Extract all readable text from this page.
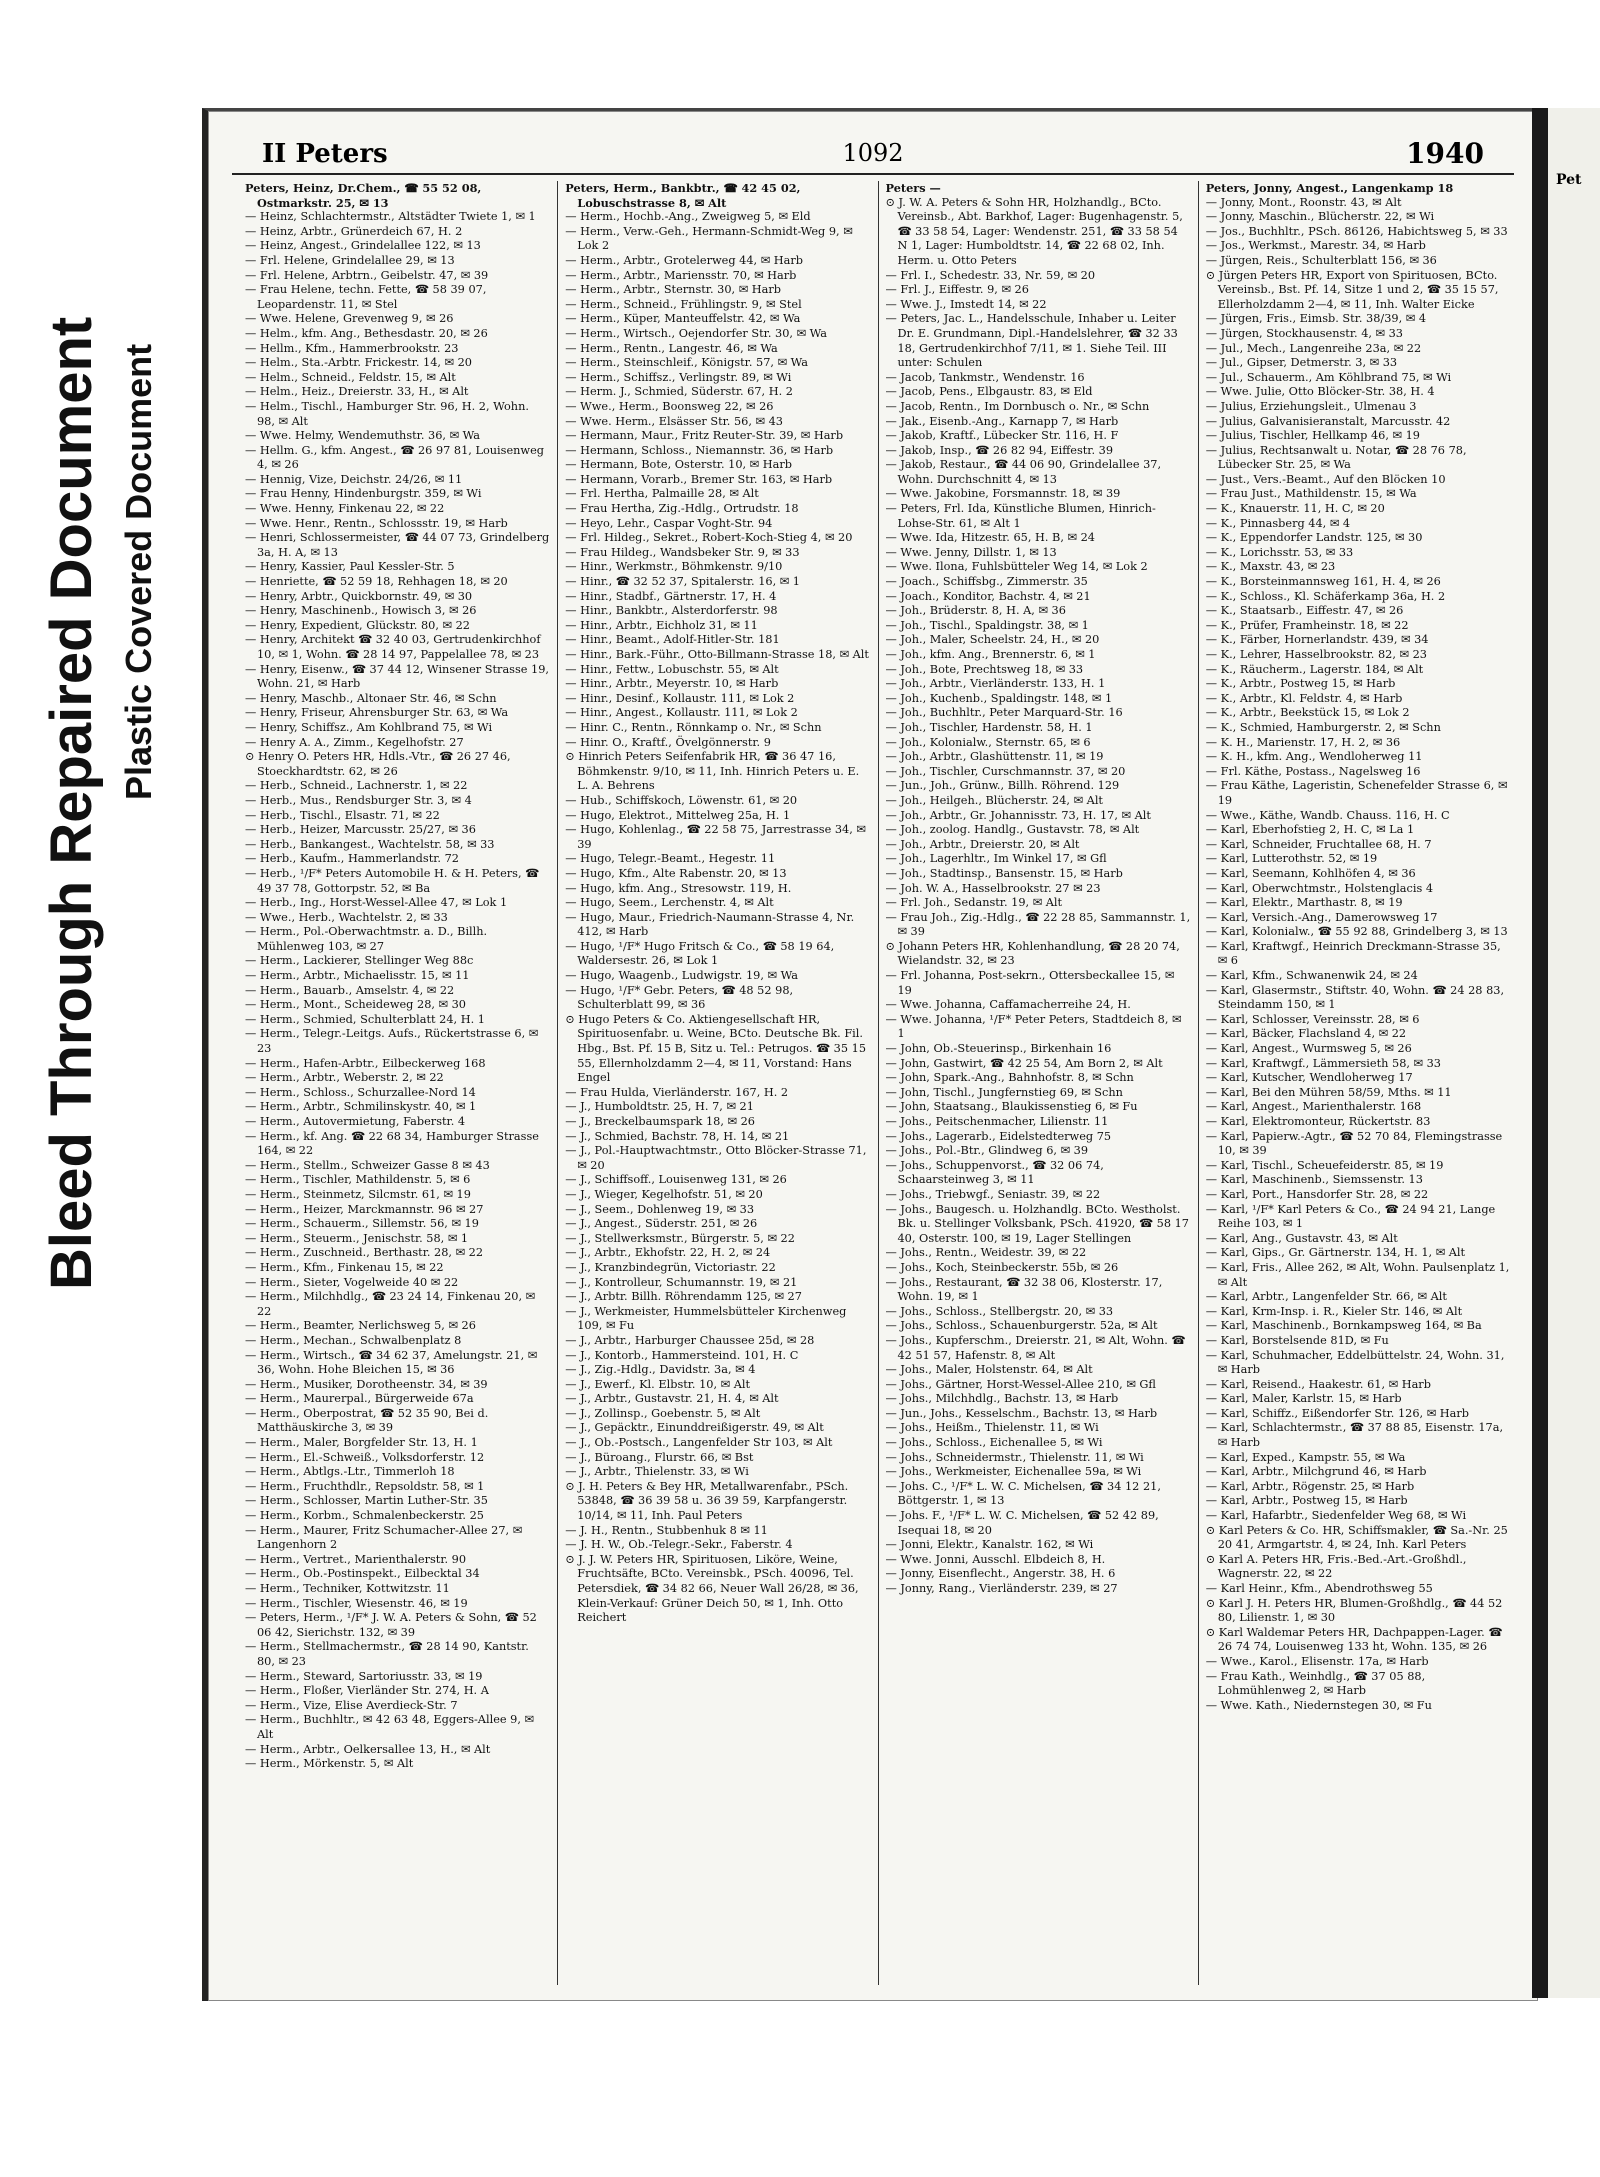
Bleed Through Repaired Document Plastic Covered Document
II Peters	1092	1940

Peters, Heinz, Dr.Chem., ☎ 55 52 08, Ostmarkstr. 25, ✉ 13

— Heinz, Schlachtermstr., Altstädter Twiete 1, ✉ 1

— Heinz, Arbtr., Grünerdeich 67, H. 2

— Heinz, Angest., Grindelallee 122, ✉ 13

— Frl. Helene, Grindelallee 29, ✉ 13

— Frl. Helene, Arbtrn., Geibelstr. 47, ✉ 39

— Frau Helene, techn. Fette, ☎ 58 39 07, Leopardenstr. 11, ✉ Stel

— Wwe. Helene, Grevenweg 9, ✉ 26

— Helm., kfm. Ang., Bethesdastr. 20, ✉ 26

— Hellm., Kfm., Hammerbrookstr. 23

— Helm., Sta.-Arbtr. Frickestr. 14, ✉ 20

— Helm., Schneid., Feldstr. 15, ✉ Alt

— Helm., Heiz., Dreierstr. 33, H., ✉ Alt

— Helm., Tischl., Hamburger Str. 96, H. 2, Wohn. 98, ✉ Alt

— Wwe. Helmy, Wendemuthstr. 36, ✉ Wa

— Hellm. G., kfm. Angest., ☎ 26 97 81, Louisenweg 4, ✉ 26

— Hennig, Vize, Deichstr. 24/26, ✉ 11

— Frau Henny, Hindenburgstr. 359, ✉ Wi

— Wwe. Henny, Finkenau 22, ✉ 22

— Wwe. Henr., Rentn., Schlossstr. 19, ✉ Harb

— Henri, Schlossermeister, ☎ 44 07 73, Grindelberg 3a, H. A, ✉ 13

— Henry, Kassier, Paul Kessler-Str. 5

— Henriette, ☎ 52 59 18, Rehhagen 18, ✉ 20

— Henry, Arbtr., Quickbornstr. 49, ✉ 30

— Henry, Maschinenb., Howisch 3, ✉ 26

— Henry, Expedient, Glückstr. 80, ✉ 22

— Henry, Architekt ☎ 32 40 03, Gertrudenkirchhof 10, ✉ 1, Wohn. ☎ 28 14 97, Pappelallee 78, ✉ 23

— Henry, Eisenw., ☎ 37 44 12, Winsener Strasse 19, Wohn. 21, ✉ Harb

— Henry, Maschb., Altonaer Str. 46, ✉ Schn

— Henry, Friseur, Ahrensburger Str. 63, ✉ Wa

— Henry, Schiffsz., Am Kohlbrand 75, ✉ Wi

— Henry A. A., Zimm., Kegelhofstr. 27

⊙ Henry O. Peters HR, Hdls.-Vtr., ☎ 26 27 46, Stoeckhardtstr. 62, ✉ 26

— Herb., Schneid., Lachnerstr. 1, ✉ 22

— Herb., Mus., Rendsburger Str. 3, ✉ 4

— Herb., Tischl., Elsastr. 71, ✉ 22

— Herb., Heizer, Marcusstr. 25/27, ✉ 36

— Herb., Bankangest., Wachtelstr. 58, ✉ 33

— Herb., Kaufm., Hammerlandstr. 72

— Herb., ¹/F* Peters Automobile H. & H. Peters, ☎ 49 37 78, Gottorpstr. 52, ✉ Ba

— Herb., Ing., Horst-Wessel-Allee 47, ✉ Lok 1

— Wwe., Herb., Wachtelstr. 2, ✉ 33

— Herm., Pol.-Oberwachtmstr. a. D., Billh. Mühlenweg 103, ✉ 27

— Herm., Lackierer, Stellinger Weg 88c

— Herm., Arbtr., Michaelisstr. 15, ✉ 11

— Herm., Bauarb., Amselstr. 4, ✉ 22

— Herm., Mont., Scheideweg 28, ✉ 30

— Herm., Schmied, Schulterblatt 24, H. 1

— Herm., Telegr.-Leitgs. Aufs., Rückertstrasse 6, ✉ 23

— Herm., Hafen-Arbtr., Eilbeckerweg 168

— Herm., Arbtr., Weberstr. 2, ✉ 22

— Herm., Schloss., Schurzallee-Nord 14

— Herm., Arbtr., Schmilinskystr. 40, ✉ 1

— Herm., Autovermietung, Faberstr. 4

— Herm., kf. Ang. ☎ 22 68 34, Hamburger Strasse 164, ✉ 22

— Herm., Stellm., Schweizer Gasse 8 ✉ 43

— Herm., Tischler, Mathildenstr. 5, ✉ 6

— Herm., Steinmetz, Silcmstr. 61, ✉ 19

— Herm., Heizer, Marckmannstr. 96 ✉ 27

— Herm., Schauerm., Sillemstr. 56, ✉ 19

— Herm., Steuerm., Jenischstr. 58, ✉ 1

— Herm., Zuschneid., Berthastr. 28, ✉ 22

— Herm., Kfm., Finkenau 15, ✉ 22

— Herm., Sieter, Vogelweide 40 ✉ 22

— Herm., Milchhdlg., ☎ 23 24 14, Finkenau 20, ✉ 22

— Herm., Beamter, Nerlichsweg 5, ✉ 26

— Herm., Mechan., Schwalbenplatz 8

— Herm., Wirtsch., ☎ 34 62 37, Amelungstr. 21, ✉ 36, Wohn. Hohe Bleichen 15, ✉ 36

— Herm., Musiker, Dorotheenstr. 34, ✉ 39

— Herm., Maurerpal., Bürgerweide 67a

— Herm., Oberpostrat, ☎ 52 35 90, Bei d. Matthäuskirche 3, ✉ 39

— Herm., Maler, Borgfelder Str. 13, H. 1

— Herm., El.-Schweiß., Volksdorferstr. 12

— Herm., Abtlgs.-Ltr., Timmerloh 18

— Herm., Fruchthdlr., Repsoldstr. 58, ✉ 1

— Herm., Schlosser, Martin Luther-Str. 35

— Herm., Korbm., Schmalenbeckerstr. 25

— Herm., Maurer, Fritz Schumacher-Allee 27, ✉ Langenhorn 2

— Herm., Vertret., Marienthalerstr. 90

— Herm., Ob.-Postinspekt., Eilbecktal 34

— Herm., Techniker, Kottwitzstr. 11

— Herm., Tischler, Wiesenstr. 46, ✉ 19

— Peters, Herm., ¹/F* J. W. A. Peters & Sohn, ☎ 52 06 42, Sierichstr. 132, ✉ 39

— Herm., Stellmachermstr., ☎ 28 14 90, Kantstr. 80, ✉ 23

— Herm., Steward, Sartoriusstr. 33, ✉ 19

— Herm., Floßer, Vierländer Str. 274, H. A

— Herm., Vize, Elise Averdieck-Str. 7

— Herm., Buchhltr., ✉ 42 63 48, Eggers-Allee 9, ✉ Alt

— Herm., Arbtr., Oelkersallee 13, H., ✉ Alt

— Herm., Mörkenstr. 5, ✉ Alt

Peters, Herm., Bankbtr., ☎ 42 45 02, Lobuschstrasse 8, ✉ Alt

— Herm., Hochb.-Ang., Zweigweg 5, ✉ Eld

— Herm., Verw.-Geh., Hermann-Schmidt-Weg 9, ✉ Lok 2

— Herm., Arbtr., Grotelerweg 44, ✉ Harb

— Herm., Arbtr., Mariensstr. 70, ✉ Harb

— Herm., Arbtr., Sternstr. 30, ✉ Harb

— Herm., Schneid., Frühlingstr. 9, ✉ Stel

— Herm., Küper, Manteuffelstr. 42, ✉ Wa

— Herm., Wirtsch., Oejendorfer Str. 30, ✉ Wa

— Herm., Rentn., Langestr. 46, ✉ Wa

— Herm., Steinschleif., Königstr. 57, ✉ Wa

— Herm., Schiffsz., Verlingstr. 89, ✉ Wi

— Herm. J., Schmied, Süderstr. 67, H. 2

— Wwe., Herm., Boonsweg 22, ✉ 26

— Wwe. Herm., Elsässer Str. 56, ✉ 43

— Hermann, Maur., Fritz Reuter-Str. 39, ✉ Harb

— Hermann, Schloss., Niemannstr. 36, ✉ Harb

— Hermann, Bote, Osterstr. 10, ✉ Harb

— Hermann, Vorarb., Bremer Str. 163, ✉ Harb

— Frl. Hertha, Palmaille 28, ✉ Alt

— Frau Hertha, Zig.-Hdlg., Ortrudstr. 18

— Heyo, Lehr., Caspar Voght-Str. 94

— Frl. Hildeg., Sekret., Robert-Koch-Stieg 4, ✉ 20

— Frau Hildeg., Wandsbeker Str. 9, ✉ 33

— Hinr., Werkmstr., Böhmkenstr. 9/10

— Hinr., ☎ 32 52 37, Spitalerstr. 16, ✉ 1

— Hinr., Stadbf., Gärtnerstr. 17, H. 4

— Hinr., Bankbtr., Alsterdorferstr. 98

— Hinr., Arbtr., Eichholz 31, ✉ 11

— Hinr., Beamt., Adolf-Hitler-Str. 181

— Hinr., Bark.-Führ., Otto-Billmann-Strasse 18, ✉ Alt

— Hinr., Fettw., Lobuschstr. 55, ✉ Alt

— Hinr., Arbtr., Meyerstr. 10, ✉ Harb

— Hinr., Desinf., Kollaustr. 111, ✉ Lok 2

— Hinr., Angest., Kollaustr. 111, ✉ Lok 2

— Hinr. C., Rentn., Rönnkamp o. Nr., ✉ Schn

— Hinr. O., Kraftf., Övelgönnerstr. 9

⊙ Hinrich Peters Seifenfabrik HR, ☎ 36 47 16, Böhmkenstr. 9/10, ✉ 11, Inh. Hinrich Peters u. E. L. A. Behrens

— Hub., Schiffskoch, Löwenstr. 61, ✉ 20

— Hugo, Elektrot., Mittelweg 25a, H. 1

— Hugo, Kohlenlag., ☎ 22 58 75, Jarrestrasse 34, ✉ 39

— Hugo, Telegr.-Beamt., Hegestr. 11

— Hugo, Kfm., Alte Rabenstr. 20, ✉ 13

— Hugo, kfm. Ang., Stresowstr. 119, H.

— Hugo, Seem., Lerchenstr. 4, ✉ Alt

— Hugo, Maur., Friedrich-Naumann-Strasse 4, Nr. 412, ✉ Harb

— Hugo, ¹/F* Hugo Fritsch & Co., ☎ 58 19 64, Waldersestr. 26, ✉ Lok 1

— Hugo, Waagenb., Ludwigstr. 19, ✉ Wa

— Hugo, ¹/F* Gebr. Peters, ☎ 48 52 98, Schulterblatt 99, ✉ 36

⊙ Hugo Peters & Co. Aktiengesellschaft HR, Spirituosenfabr. u. Weine, BCto. Deutsche Bk. Fil. Hbg., Bst. Pf. 15 B, Sitz u. Tel.: Petrugos. ☎ 35 15 55, Ellernholzdamm 2—4, ✉ 11, Vorstand: Hans Engel

— Frau Hulda, Vierländerstr. 167, H. 2

— J., Humboldtstr. 25, H. 7, ✉ 21

— J., Breckelbaumspark 18, ✉ 26

— J., Schmied, Bachstr. 78, H. 14, ✉ 21

— J., Pol.-Hauptwachtmstr., Otto Blöcker-Strasse 71, ✉ 20

— J., Schiffsoff., Louisenweg 131, ✉ 26

— J., Wieger, Kegelhofstr. 51, ✉ 20

— J., Seem., Dohlenweg 19, ✉ 33

— J., Angest., Süderstr. 251, ✉ 26

— J., Stellwerksmstr., Bürgerstr. 5, ✉ 22

— J., Arbtr., Ekhofstr. 22, H. 2, ✉ 24

— J., Kranzbindegrün, Victoriastr. 22

— J., Kontrolleur, Schumannstr. 19, ✉ 21

— J., Arbtr. Billh. Röhrendamm 125, ✉ 27

— J., Werkmeister, Hummelsbütteler Kirchenweg 109, ✉ Fu

— J., Arbtr., Harburger Chaussee 25d, ✉ 28

— J., Kontorb., Hammersteind. 101, H. C

— J., Zig.-Hdlg., Davidstr. 3a, ✉ 4

— J., Ewerf., Kl. Elbstr. 10, ✉ Alt

— J., Arbtr., Gustavstr. 21, H. 4, ✉ Alt

— J., Zollinsp., Goebenstr. 5, ✉ Alt

— J., Gepäcktr., Einunddreißigerstr. 49, ✉ Alt

— J., Ob.-Postsch., Langenfelder Str 103, ✉ Alt

— J., Büroang., Flurstr. 66, ✉ Bst

— J., Arbtr., Thielenstr. 33, ✉ Wi

⊙ J. H. Peters & Bey HR, Metallwarenfabr., PSch. 53848, ☎ 36 39 58 u. 36 39 59, Karpfangerstr. 10/14, ✉ 11, Inh. Paul Peters

— J. H., Rentn., Stubbenhuk 8 ✉ 11

— J. H. W., Ob.-Telegr.-Sekr., Faberstr. 4

⊙ J. J. W. Peters HR, Spirituosen, Liköre, Weine, Fruchtsäfte, BCto. Vereinsbk., PSch. 40096, Tel. Petersdiek, ☎ 34 82 66, Neuer Wall 26/28, ✉ 36, Klein-Verkauf: Grüner Deich 50, ✉ 1, Inh. Otto Reichert

Peters —

⊙ J. W. A. Peters & Sohn HR, Holzhandlg., BCto. Vereinsb., Abt. Barkhof, Lager: Bugenhagenstr. 5, ☎ 33 58 54, Lager: Wendenstr. 251, ☎ 33 58 54 N 1, Lager: Humboldtstr. 14, ☎ 22 68 02, Inh. Herm. u. Otto Peters

— Frl. I., Schedestr. 33, Nr. 59, ✉ 20

— Frl. J., Eiffestr. 9, ✉ 26

— Wwe. J., Imstedt 14, ✉ 22

— Peters, Jac. L., Handelsschule, Inhaber u. Leiter Dr. E. Grundmann, Dipl.-Handelslehrer, ☎ 32 33 18, Gertrudenkirchhof 7/11, ✉ 1. Siehe Teil. III unter: Schulen

— Jacob, Tankmstr., Wendenstr. 16

— Jacob, Pens., Elbgaustr. 83, ✉ Eld

— Jacob, Rentn., Im Dornbusch o. Nr., ✉ Schn

— Jak., Eisenb.-Ang., Karnapp 7, ✉ Harb

— Jakob, Kraftf., Lübecker Str. 116, H. F

— Jakob, Insp., ☎ 26 82 94, Eiffestr. 39

— Jakob, Restaur., ☎ 44 06 90, Grindelallee 37, Wohn. Durchschnitt 4, ✉ 13

— Wwe. Jakobine, Forsmannstr. 18, ✉ 39

— Peters, Frl. Ida, Künstliche Blumen, Hinrich-Lohse-Str. 61, ✉ Alt 1

— Wwe. Ida, Hitzestr. 65, H. B, ✉ 24

— Wwe. Jenny, Dillstr. 1, ✉ 13

— Wwe. Ilona, Fuhlsbütteler Weg 14, ✉ Lok 2

— Joach., Schiffsbg., Zimmerstr. 35

— Joach., Konditor, Bachstr. 4, ✉ 21

— Joh., Brüderstr. 8, H. A, ✉ 36

— Joh., Tischl., Spaldingstr. 38, ✉ 1

— Joh., Maler, Scheelstr. 24, H., ✉ 20

— Joh., kfm. Ang., Brennerstr. 6, ✉ 1

— Joh., Bote, Prechtsweg 18, ✉ 33

— Joh., Arbtr., Vierländerstr. 133, H. 1

— Joh., Kuchenb., Spaldingstr. 148, ✉ 1

— Joh., Buchhltr., Peter Marquard-Str. 16

— Joh., Tischler, Hardenstr. 58, H. 1

— Joh., Kolonialw., Sternstr. 65, ✉ 6

— Joh., Arbtr., Glashüttenstr. 11, ✉ 19

— Joh., Tischler, Curschmannstr. 37, ✉ 20

— Jun., Joh., Grünw., Billh. Röhrend. 129

— Joh., Heilgeh., Blücherstr. 24, ✉ Alt

— Joh., Arbtr., Gr. Johannisstr. 73, H. 17, ✉ Alt

— Joh., zoolog. Handlg., Gustavstr. 78, ✉ Alt

— Joh., Arbtr., Dreierstr. 20, ✉ Alt

— Joh., Lagerhltr., Im Winkel 17, ✉ Gfl

— Joh., Stadtinsp., Bansenstr. 15, ✉ Harb

— Joh. W. A., Hasselbrookstr. 27 ✉ 23

— Frl. Joh., Sedanstr. 19, ✉ Alt

— Frau Joh., Zig.-Hdlg., ☎ 22 28 85, Sammannstr. 1, ✉ 39

⊙ Johann Peters HR, Kohlenhandlung, ☎ 28 20 74, Wielandstr. 32, ✉ 23

— Frl. Johanna, Post-sekrn., Ottersbeckallee 15, ✉ 19

— Wwe. Johanna, Caffamacherreihe 24, H.

— Wwe. Johanna, ¹/F* Peter Peters, Stadtdeich 8, ✉ 1

— John, Ob.-Steuerinsp., Birkenhain 16

— John, Gastwirt, ☎ 42 25 54, Am Born 2, ✉ Alt

— John, Spark.-Ang., Bahnhofstr. 8, ✉ Schn

— John, Tischl., Jungfernstieg 69, ✉ Schn

— John, Staatsang., Blaukissenstieg 6, ✉ Fu

— Johs., Peitschenmacher, Lilienstr. 11

— Johs., Lagerarb., Eidelstedterweg 75

— Johs., Pol.-Btr., Glindweg 6, ✉ 39

— Johs., Schuppenvorst., ☎ 32 06 74, Schaarsteinweg 3, ✉ 11

— Johs., Triebwgf., Seniastr. 39, ✉ 22

— Johs., Baugesch. u. Holzhandlg. BCto. Westholst. Bk. u. Stellinger Volksbank, PSch. 41920, ☎ 58 17 40, Osterstr. 100, ✉ 19, Lager Stellingen

— Johs., Rentn., Weidestr. 39, ✉ 22

— Johs., Koch, Steinbeckerstr. 55b, ✉ 26

— Johs., Restaurant, ☎ 32 38 06, Klosterstr. 17, Wohn. 19, ✉ 1

— Johs., Schloss., Stellbergstr. 20, ✉ 33

— Johs., Schloss., Schauenburgerstr. 52a, ✉ Alt

— Johs., Kupferschm., Dreierstr. 21, ✉ Alt, Wohn. ☎ 42 51 57, Hafenstr. 8, ✉ Alt

— Johs., Maler, Holstenstr. 64, ✉ Alt

— Johs., Gärtner, Horst-Wessel-Allee 210, ✉ Gfl

— Johs., Milchhdlg., Bachstr. 13, ✉ Harb

— Jun., Johs., Kesselschm., Bachstr. 13, ✉ Harb

— Johs., Heißm., Thielenstr. 11, ✉ Wi

— Johs., Schloss., Eichenallee 5, ✉ Wi

— Johs., Schneidermstr., Thielenstr. 11, ✉ Wi

— Johs., Werkmeister, Eichenallee 59a, ✉ Wi

— Johs. C., ¹/F* L. W. C. Michelsen, ☎ 34 12 21, Böttgerstr. 1, ✉ 13

— Johs. F., ¹/F* L. W. C. Michelsen, ☎ 52 42 89, Isequai 18, ✉ 20

— Jonni, Elektr., Kanalstr. 162, ✉ Wi

— Wwe. Jonni, Ausschl. Elbdeich 8, H.

— Jonny, Eisenflecht., Angerstr. 38, H. 6

— Jonny, Rang., Vierländerstr. 239, ✉ 27

Peters, Jonny, Angest., Langenkamp 18

— Jonny, Mont., Roonstr. 43, ✉ Alt

— Jonny, Maschin., Blücherstr. 22, ✉ Wi

— Jos., Buchhltr., PSch. 86126, Habichtsweg 5, ✉ 33

— Jos., Werkmst., Marestr. 34, ✉ Harb

— Jürgen, Reis., Schulterblatt 156, ✉ 36

⊙ Jürgen Peters HR, Export von Spirituosen, BCto. Vereinsb., Bst. Pf. 14, Sitze 1 und 2, ☎ 35 15 57, Ellerholzdamm 2—4, ✉ 11, Inh. Walter Eicke

— Jürgen, Fris., Eimsb. Str. 38/39, ✉ 4

— Jürgen, Stockhausenstr. 4, ✉ 33

— Jul., Mech., Langenreihe 23a, ✉ 22

— Jul., Gipser, Detmerstr. 3, ✉ 33

— Jul., Schauerm., Am Köhlbrand 75, ✉ Wi

— Wwe. Julie, Otto Blöcker-Str. 38, H. 4

— Julius, Erziehungsleit., Ulmenau 3

— Julius, Galvanisieranstalt, Marcusstr. 42

— Julius, Tischler, Hellkamp 46, ✉ 19

— Julius, Rechtsanwalt u. Notar, ☎ 28 76 78, Lübecker Str. 25, ✉ Wa

— Just., Vers.-Beamt., Auf den Blöcken 10

— Frau Just., Mathildenstr. 15, ✉ Wa

— K., Knauerstr. 11, H. C, ✉ 20

— K., Pinnasberg 44, ✉ 4

— K., Eppendorfer Landstr. 125, ✉ 30

— K., Lorichsstr. 53, ✉ 33

— K., Maxstr. 43, ✉ 23

— K., Borsteinmannsweg 161, H. 4, ✉ 26

— K., Schloss., Kl. Schäferkamp 36a, H. 2

— K., Staatsarb., Eiffestr. 47, ✉ 26

— K., Prüfer, Framheinstr. 18, ✉ 22

— K., Färber, Hornerlandstr. 439, ✉ 34

— K., Lehrer, Hasselbrookstr. 82, ✉ 23

— K., Räucherm., Lagerstr. 184, ✉ Alt

— K., Arbtr., Postweg 15, ✉ Harb

— K., Arbtr., Kl. Feldstr. 4, ✉ Harb

— K., Arbtr., Beekstück 15, ✉ Lok 2

— K., Schmied, Hamburgerstr. 2, ✉ Schn

— K. H., Marienstr. 17, H. 2, ✉ 36

— K. H., kfm. Ang., Wendloherweg 11

— Frl. Käthe, Postass., Nagelsweg 16

— Frau Käthe, Lageristin, Schenefelder Strasse 6, ✉ 19

— Wwe., Käthe, Wandb. Chauss. 116, H. C

— Karl, Eberhofstieg 2, H. C, ✉ La 1

— Karl, Schneider, Fruchtallee 68, H. 7

— Karl, Lutterothstr. 52, ✉ 19

— Karl, Seemann, Kohlhöfen 4, ✉ 36

— Karl, Oberwchtmstr., Holstenglacis 4

— Karl, Elektr., Marthastr. 8, ✉ 19

— Karl, Versich.-Ang., Damerowsweg 17

— Karl, Kolonialw., ☎ 55 92 88, Grindelberg 3, ✉ 13

— Karl, Kraftwgf., Heinrich Dreckmann-Strasse 35, ✉ 6

— Karl, Kfm., Schwanenwik 24, ✉ 24

— Karl, Glasermstr., Stiftstr. 40, Wohn. ☎ 24 28 83, Steindamm 150, ✉ 1

— Karl, Schlosser, Vereinsstr. 28, ✉ 6

— Karl, Bäcker, Flachsland 4, ✉ 22

— Karl, Angest., Wurmsweg 5, ✉ 26

— Karl, Kraftwgf., Lämmersieth 58, ✉ 33

— Karl, Kutscher, Wendloherweg 17

— Karl, Bei den Mühren 58/59, Mths. ✉ 11

— Karl, Angest., Marienthalerstr. 168

— Karl, Elektromonteur, Rückertstr. 83

— Karl, Papierw.-Agtr., ☎ 52 70 84, Flemingstrasse 10, ✉ 39

— Karl, Tischl., Scheuefeiderstr. 85, ✉ 19

— Karl, Maschinenb., Siemssenstr. 13

— Karl, Port., Hansdorfer Str. 28, ✉ 22

— Karl, ¹/F* Karl Peters & Co., ☎ 24 94 21, Lange Reihe 103, ✉ 1

— Karl, Ang., Gustavstr. 43, ✉ Alt

— Karl, Gips., Gr. Gärtnerstr. 134, H. 1, ✉ Alt

— Karl, Fris., Allee 262, ✉ Alt, Wohn. Paulsenplatz 1, ✉ Alt

— Karl, Arbtr., Langenfelder Str. 66, ✉ Alt

— Karl, Krm-Insp. i. R., Kieler Str. 146, ✉ Alt

— Karl, Maschinenb., Bornkampsweg 164, ✉ Ba

— Karl, Borstelsende 81D, ✉ Fu

— Karl, Schuhmacher, Eddelbüttelstr. 24, Wohn. 31, ✉ Harb

— Karl, Reisend., Haakestr. 61, ✉ Harb

— Karl, Maler, Karlstr. 15, ✉ Harb

— Karl, Schiffz., Eißendorfer Str. 126, ✉ Harb

— Karl, Schlachtermstr., ☎ 37 88 85, Eisenstr. 17a, ✉ Harb

— Karl, Exped., Kampstr. 55, ✉ Wa

— Karl, Arbtr., Milchgrund 46, ✉ Harb

— Karl, Arbtr., Rögenstr. 25, ✉ Harb

— Karl, Arbtr., Postweg 15, ✉ Harb

— Karl, Hafarbtr., Siedenfelder Weg 68, ✉ Wi

⊙ Karl Peters & Co. HR, Schiffsmakler, ☎ Sa.-Nr. 25 20 41, Armgartstr. 4, ✉ 24, Inh. Karl Peters

⊙ Karl A. Peters HR, Fris.-Bed.-Art.-Großhdl., Wagnerstr. 22, ✉ 22

— Karl Heinr., Kfm., Abendrothsweg 55

⊙ Karl J. H. Peters HR, Blumen-Großhdlg., ☎ 44 52 80, Lilienstr. 1, ✉ 30

⊙ Karl Waldemar Peters HR, Dachpappen-Lager. ☎ 26 74 74, Louisenweg 133 ht, Wohn. 135, ✉ 26

— Wwe., Karol., Elisenstr. 17a, ✉ Harb

— Frau Kath., Weinhdlg., ☎ 37 05 88, Lohmühlenweg 2, ✉ Harb

— Wwe. Kath., Niedernstegen 30, ✉ Fu

Pet
